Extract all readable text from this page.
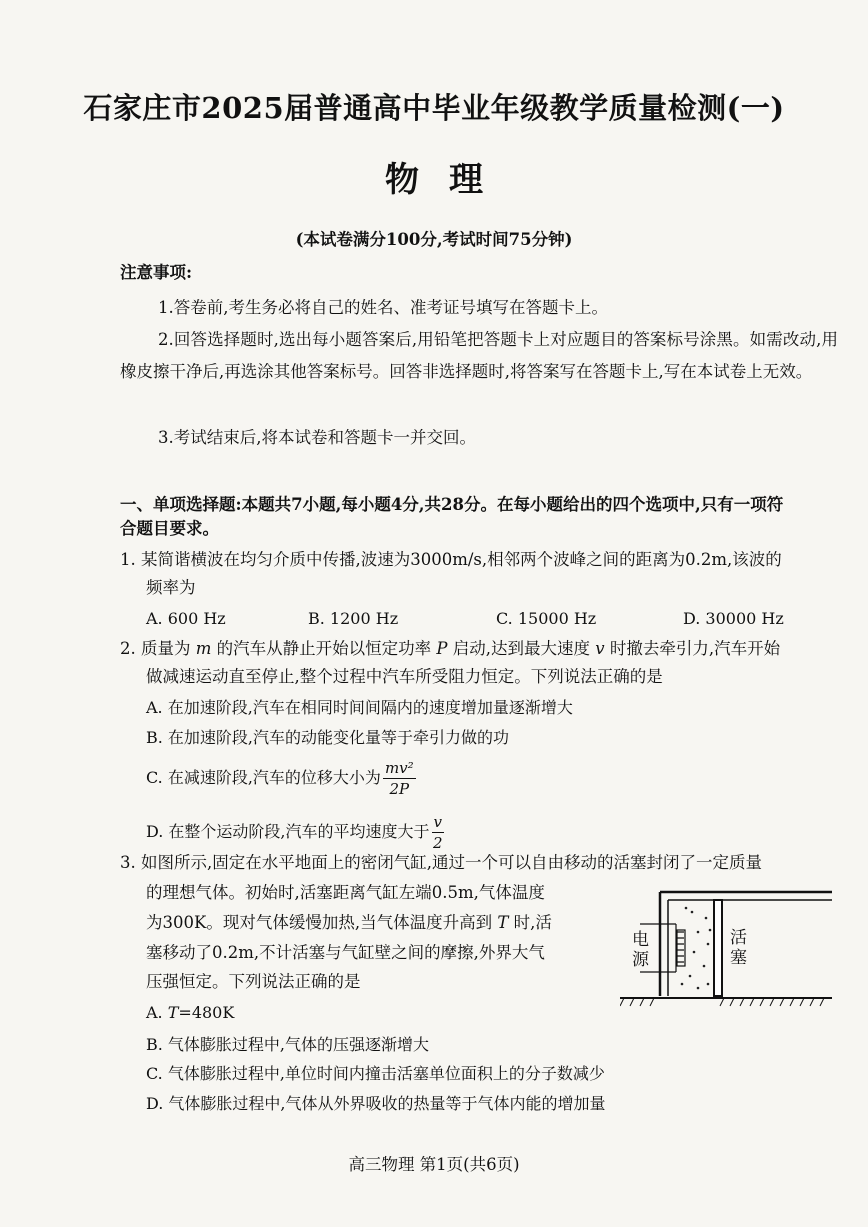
石家庄市2025届普通高中毕业年级教学质量检测(一)
物理
(本试卷满分100分,考试时间75分钟)
注意事项:
1.答卷前,考生务必将自己的姓名、准考证号填写在答题卡上。
2.回答选择题时,选出每小题答案后,用铅笔把答题卡上对应题目的答案标号涂黑。如需改动,用橡皮擦干净后,再选涂其他答案标号。回答非选择题时,将答案写在答题卡上,写在本试卷上无效。
3.考试结束后,将本试卷和答题卡一并交回。
一、单项选择题:本题共7小题,每小题4分,共28分。在每小题给出的四个选项中,只有一项符
合题目要求。
1. 某简谐横波在均匀介质中传播,波速为3000m/s,相邻两个波峰之间的距离为0.2m,该波的
频率为
A. 600 Hz	B. 1200 Hz	C. 15000 Hz	D. 30000 Hz
2. 质量为 m 的汽车从静止开始以恒定功率 P 启动,达到最大速度 v 时撤去牵引力,汽车开始
做减速运动直至停止,整个过程中汽车所受阻力恒定。下列说法正确的是
A. 在加速阶段,汽车在相同时间间隔内的速度增加量逐渐增大
B. 在加速阶段,汽车的动能变化量等于牵引力做的功
C. 在减速阶段,汽车的位移大小为 $\frac{\text{mv²}}{2P}$
D. 在整个运动阶段,汽车的平均速度大于 $\frac{v}{2}$
3. 如图所示,固定在水平地面上的密闭气缸,通过一个可以自由移动的活塞封闭了一定质量
的理想气体。初始时,活塞距离气缸左端0.5m,气体温度
为300K。现对气体缓慢加热,当气体温度升高到 T 时,活
塞移动了0.2m,不计活塞与气缸壁之间的摩擦,外界大气
压强恒定。下列说法正确的是
A. T=480K
B. 气体膨胀过程中,气体的压强逐渐增大
C. 气体膨胀过程中,单位时间内撞击活塞单位面积上的分子数减少
D. 气体膨胀过程中,气体从外界吸收的热量等于气体内能的增加量
电源
活塞
高三物理 第1页(共6页)
